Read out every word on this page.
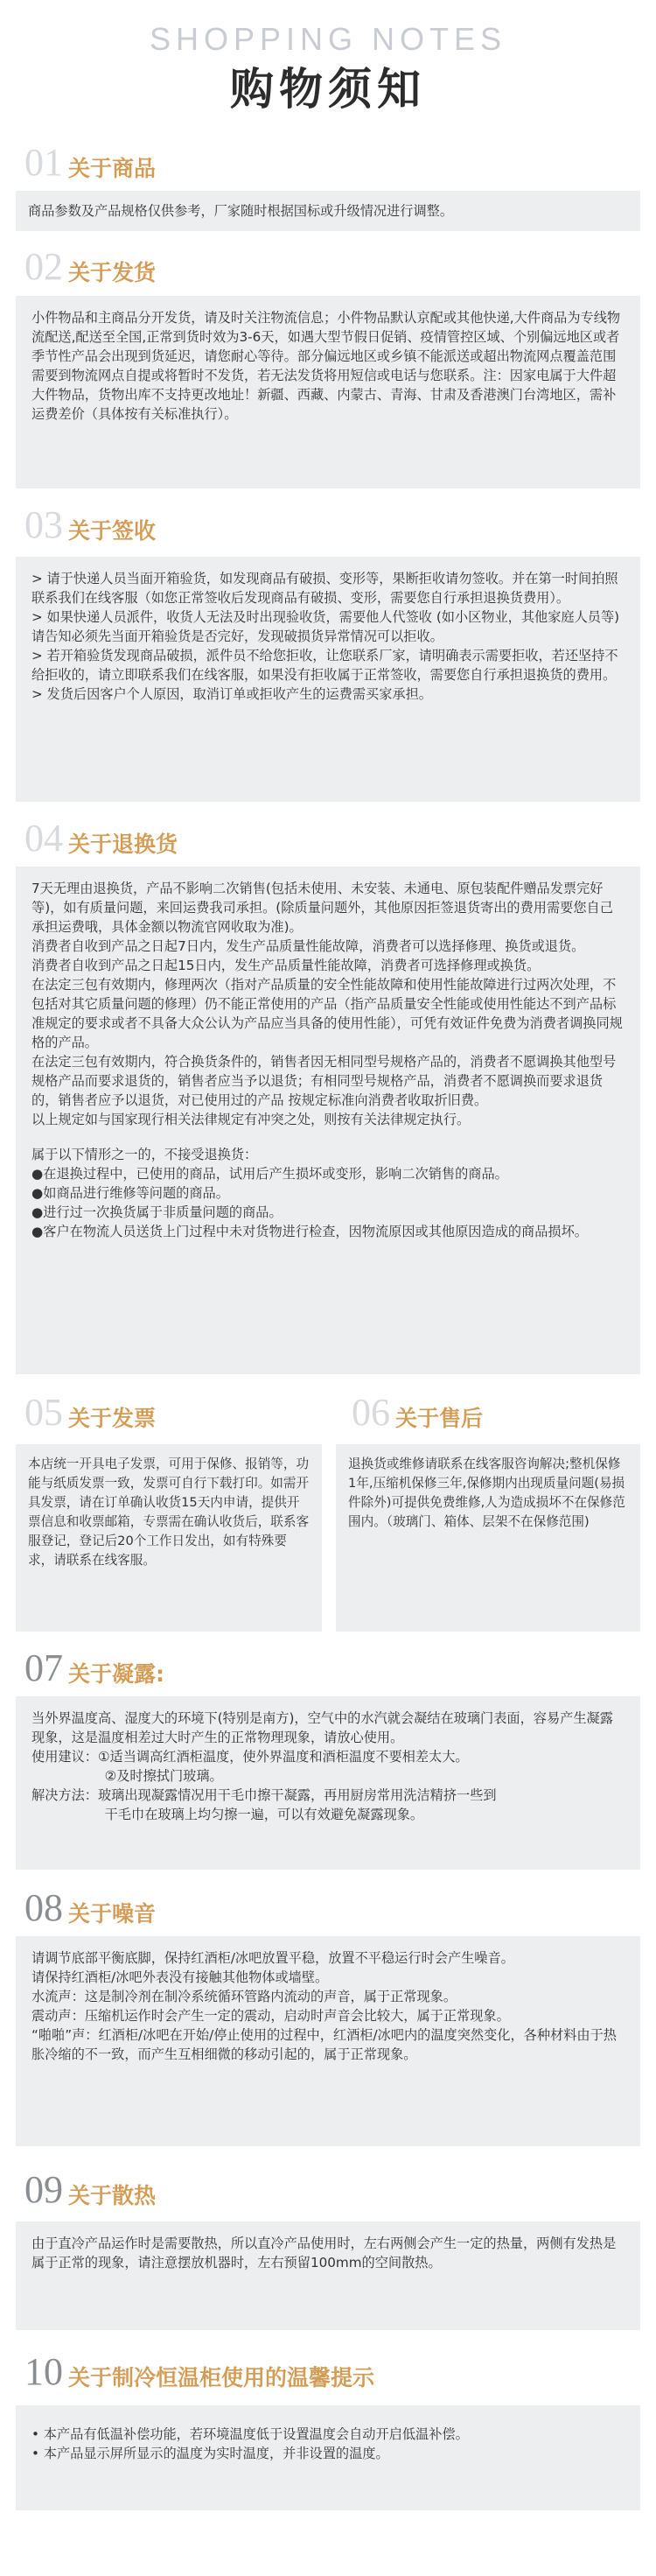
SHOPPING NOTES
购物须知
01 关于商品

商品参数及产品规格仅供参考，厂家随时根据国标或升级情况进行调整。

02 关于发货

小件物品和主商品分开发货，请及时关注物流信息；小件物品默认京配或其他快递,大件商品为专线物流配送,配送至全国,正常到货时效为3-6天，如遇大型节假日促销、疫情管控区域、个别偏远地区或者季节性产品会出现到货延迟，请您耐心等待。部分偏远地区或乡镇不能派送或超出物流网点覆盖范围需要到物流网点自提或将暂时不发货，若无法发货将用短信或电话与您联系。注：因家电属于大件超大件物品，货物出库不支持更改地址！新疆、西藏、内蒙古、青海、甘肃及香港澳门台湾地区，需补运费差价（具体按有关标准执行）。

03 关于签收

> 请于快递人员当面开箱验货，如发现商品有破损、变形等，果断拒收请勿签收。并在第一时间拍照联系我们在线客服（如您正常签收后发现商品有破损、变形，需要您自行承担退换货费用）。

> 如果快递人员派件，收货人无法及时出现验收货，需要他人代签收 (如小区物业，其他家庭人员等) 请告知必须先当面开箱验货是否完好，发现破损货异常情况可以拒收。

> 若开箱验货发现商品破损，派件员不给您拒收，让您联系厂家，请明确表示需要拒收，若还坚持不给拒收的，请立即联系我们在线客服，如果没有拒收属于正常签收，需要您自行承担退换货的费用。

> 发货后因客户个人原因，取消订单或拒收产生的运费需买家承担。

04 关于退换货

7天无理由退换货，产品不影响二次销售(包括未使用、未安装、未通电、原包装配件赠品发票完好等)，如有质量问题，来回运费我司承担。(除质量问题外，其他原因拒签退货寄出的费用需要您自己承担运费哦，具体金额以物流官网收取为准)。

消费者自收到产品之日起7日内，发生产品质量性能故障，消费者可以选择修理、换货或退货。

消费者自收到产品之日起15日内，发生产品质量性能故障，消费者可选择修理或换货。

在法定三包有效期内，修理两次（指对产品质量的安全性能故障和使用性能故障进行过两次处理，不包括对其它质量问题的修理）仍不能正常使用的产品（指产品质量安全性能或使用性能达不到产品标准规定的要求或者不具备大众公认为产品应当具备的使用性能），可凭有效证件免费为消费者调换同规格的产品。

在法定三包有效期内，符合换货条件的，销售者因无相同型号规格产品的，消费者不愿调换其他型号规格产品而要求退货的，销售者应当予以退货；有相同型号规格产品，消费者不愿调换而要求退货的，销售者应予以退货，对已使用过的产品 按规定标准向消费者收取折旧费。

以上规定如与国家现行相关法律规定有冲突之处，则按有关法律规定执行。

属于以下情形之一的，不接受退换货：

●在退换过程中，已使用的商品，试用后产生损坏或变形，影响二次销售的商品。

●如商品进行维修等问题的商品。

●进行过一次换货属于非质量问题的商品。

●客户在物流人员送货上门过程中未对货物进行检查，因物流原因或其他原因造成的商品损坏。

05 关于发票

本店统一开具电子发票，可用于保修、报销等，功能与纸质发票一致，发票可自行下载打印。如需开具发票，请在订单确认收货15天内申请，提供开票信息和收票邮箱，专票需在确认收货后，联系客服登记，登记后20个工作日发出，如有特殊要求，请联系在线客服。

06 关于售后

退换货或维修请联系在线客服咨询解决;整机保修1年,压缩机保修三年,保修期内出现质量问题(易损件除外)可提供免费维修,人为造成损坏不在保修范围内。（玻璃门、箱体、层架不在保修范围)

07 关于凝露:

当外界温度高、湿度大的环境下(特别是南方)，空气中的水汽就会凝结在玻璃门表面，容易产生凝露现象，这是温度相差过大时产生的正常物理现象，请放心使用。

使用建议：①适当调高红酒柜温度，使外界温度和酒柜温度不要相差太大。

②及时擦拭门玻璃。

解决方法：玻璃出现凝露情况用干毛巾擦干凝露，再用厨房常用洗洁精挤一些到

干毛巾在玻璃上均匀擦一遍，可以有效避免凝露现象。

08 关于噪音

请调节底部平衡底脚，保持红酒柜/冰吧放置平稳，放置不平稳运行时会产生噪音。

请保持红酒柜/冰吧外表没有接触其他物体或墙壁。

水流声：这是制冷剂在制冷系统循环管路内流动的声音，属于正常现象。

震动声：压缩机运作时会产生一定的震动，启动时声音会比较大，属于正常现象。

“啪啪”声：红酒柜/冰吧在开始/停止使用的过程中，红酒柜/冰吧内的温度突然变化，各种材料由于热胀冷缩的不一致，而产生互相细微的移动引起的，属于正常现象。

09 关于散热

由于直冷产品运作时是需要散热，所以直冷产品使用时，左右两侧会产生一定的热量，两侧有发热是属于正常的现象，请注意摆放机器时，左右预留100mm的空间散热。

10 关于制冷恒温柜使用的温馨提示

• 本产品有低温补偿功能，若环境温度低于设置温度会自动开启低温补偿。

• 本产品显示屏所显示的温度为实时温度，并非设置的温度。
